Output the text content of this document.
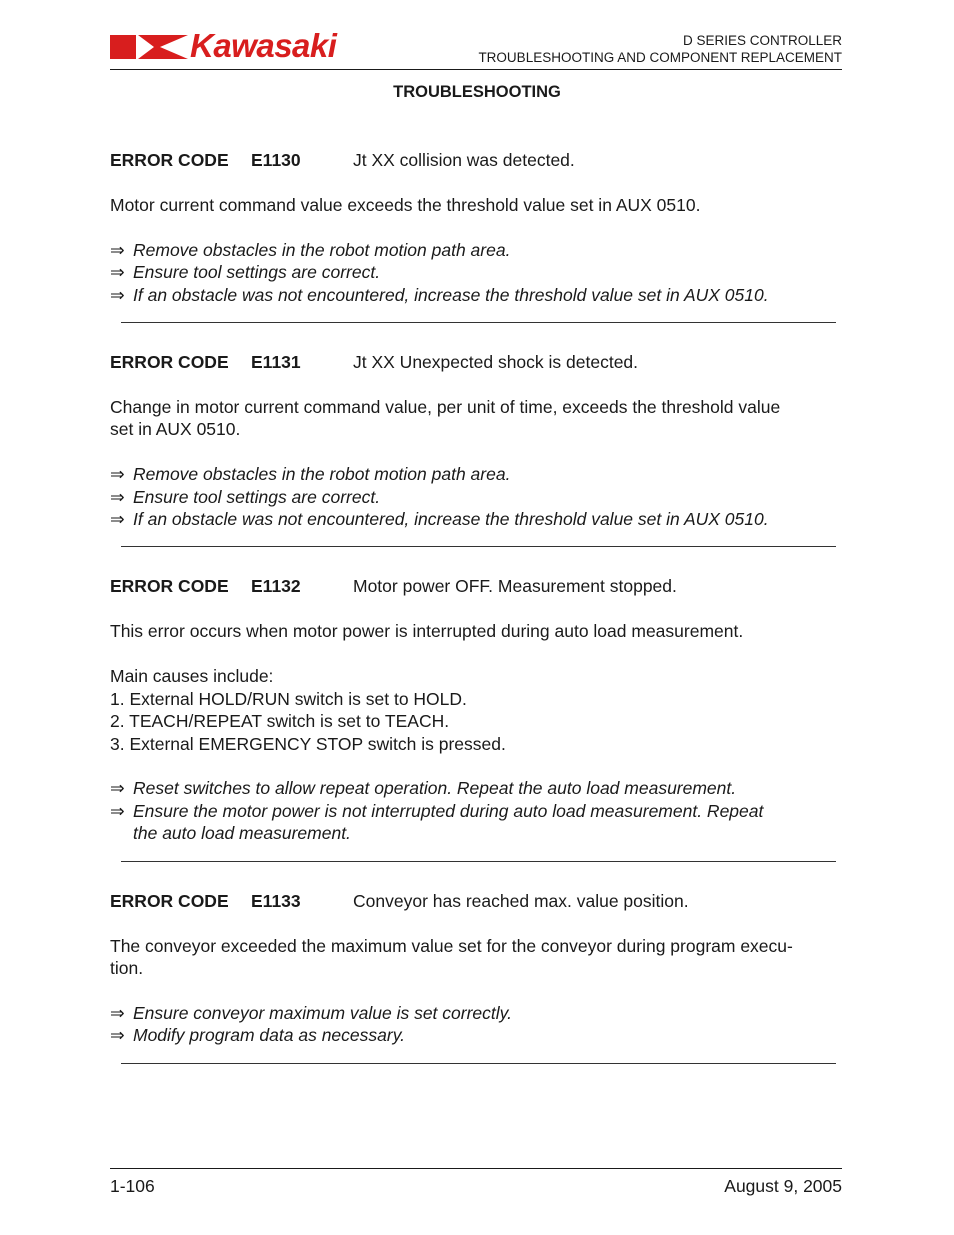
Kawasaki	D SERIES CONTROLLER
TROUBLESHOOTING AND COMPONENT REPLACEMENT
TROUBLESHOOTING
ERROR CODE E1130	Jt XX collision was detected.
Motor current command value exceeds the threshold value set in AUX 0510.
⇒ Remove obstacles in the robot motion path area.
⇒ Ensure tool settings are correct.
⇒ If an obstacle was not encountered, increase the threshold value set in AUX 0510.
ERROR CODE E1131	Jt XX Unexpected shock is detected.
Change in motor current command value, per unit of time, exceeds the threshold value
set in AUX 0510.
⇒ Remove obstacles in the robot motion path area.
⇒ Ensure tool settings are correct.
⇒ If an obstacle was not encountered, increase the threshold value set in AUX 0510.
ERROR CODE E1132	Motor power OFF. Measurement stopped.
This error occurs when motor power is interrupted during auto load measurement.
Main causes include:
1. External HOLD/RUN switch is set to HOLD.
2. TEACH/REPEAT switch is set to TEACH.
3. External EMERGENCY STOP switch is pressed.
⇒ Reset switches to allow repeat operation. Repeat the auto load measurement.
⇒ Ensure the motor power is not interrupted during auto load measurement. Repeat
the auto load measurement.
ERROR CODE E1133	Conveyor has reached max. value position.
The conveyor exceeded the maximum value set for the conveyor during program execu-
tion.
⇒ Ensure conveyor maximum value is set correctly.
⇒ Modify program data as necessary.
1-106	August 9, 2005
